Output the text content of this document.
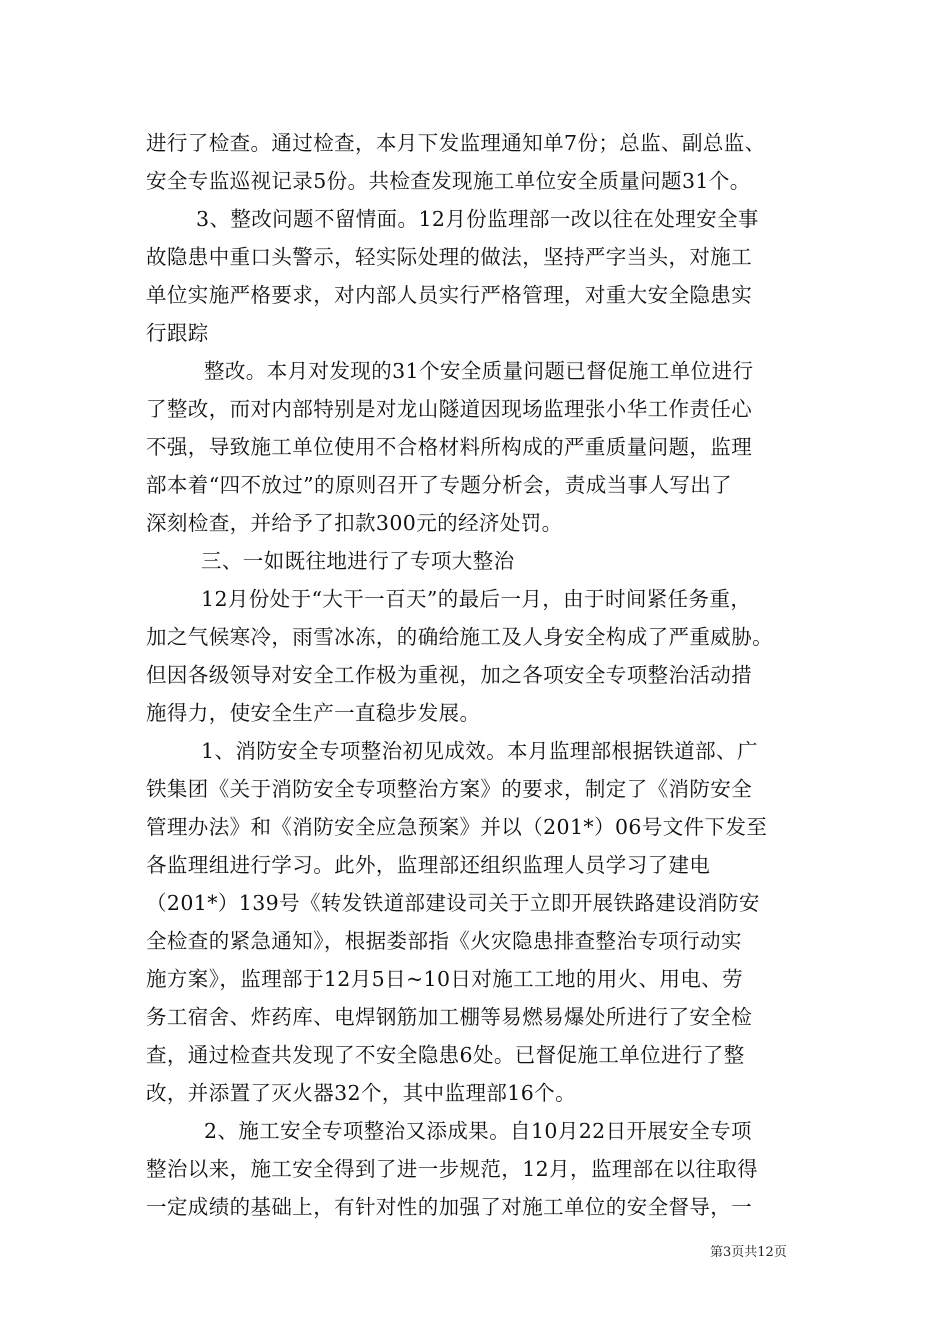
进行了检查。通过检查，本月下发监理通知单7份；总监、副总监、
安全专监巡视记录5份。共检查发现施工单位安全质量问题31个。
3、整改问题不留情面。12月份监理部一改以往在处理安全事
故隐患中重口头警示，轻实际处理的做法，坚持严字当头，对施工
单位实施严格要求，对内部人员实行严格管理，对重大安全隐患实
行跟踪
整改。本月对发现的31个安全质量问题已督促施工单位进行
了整改，而对内部特别是对龙山隧道因现场监理张小华工作责任心
不强，导致施工单位使用不合格材料所构成的严重质量问题，监理
部本着“四不放过”的原则召开了专题分析会，责成当事人写出了
深刻检查，并给予了扣款300元的经济处罚。
三、一如既往地进行了专项大整治
12月份处于“大干一百天”的最后一月，由于时间紧任务重，
加之气候寒冷，雨雪冰冻，的确给施工及人身安全构成了严重威胁。
但因各级领导对安全工作极为重视，加之各项安全专项整治活动措
施得力，使安全生产一直稳步发展。
1、消防安全专项整治初见成效。本月监理部根据铁道部、广
铁集团《关于消防安全专项整治方案》的要求，制定了《消防安全
管理办法》和《消防安全应急预案》并以（201*）06号文件下发至
各监理组进行学习。此外，监理部还组织监理人员学习了建电
（201*）139号《转发铁道部建设司关于立即开展铁路建设消防安
全检查的紧急通知》，根据娄部指《火灾隐患排查整治专项行动实
施方案》，监理部于12月5日~10日对施工工地的用火、用电、劳
务工宿舍、炸药库、电焊钢筋加工棚等易燃易爆处所进行了安全检
查，通过检查共发现了不安全隐患6处。已督促施工单位进行了整
改，并添置了灭火器32个，其中监理部16个。
2、施工安全专项整治又添成果。自10月22日开展安全专项
整治以来，施工安全得到了进一步规范，12月，监理部在以往取得
一定成绩的基础上，有针对性的加强了对施工单位的安全督导，一
第3页共12页
